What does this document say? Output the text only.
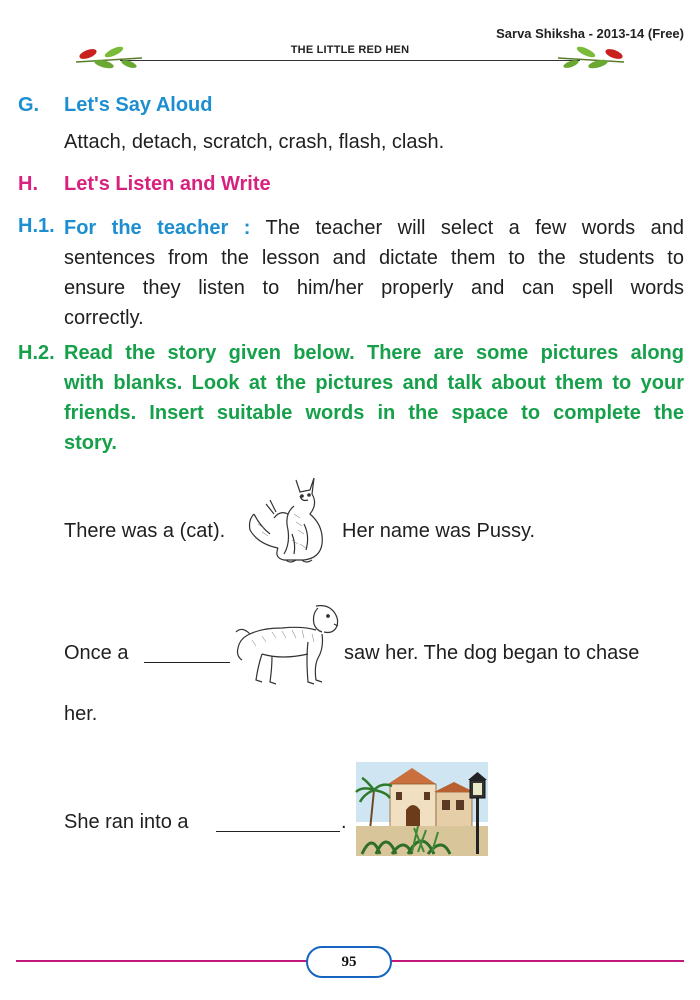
Sarva Shiksha - 2013-14 (Free)
THE LITTLE RED HEN
G. Let's Say Aloud
Attach, detach, scratch, crash, flash, clash.
H. Let's Listen and Write
H.1. For the teacher : The teacher will select a few words and
sentences from the lesson and dictate them to the students to
ensure they listen to him/her properly and can spell words
correctly.
H.2. Read the story given below. There are some pictures along
with blanks. Look at the pictures and talk about them to your
friends. Insert suitable words in the space to complete the
story.
There was a (cat).	Her name was Pussy.
Once a	saw her. The dog began to chase
her.
She ran into a	.
95
